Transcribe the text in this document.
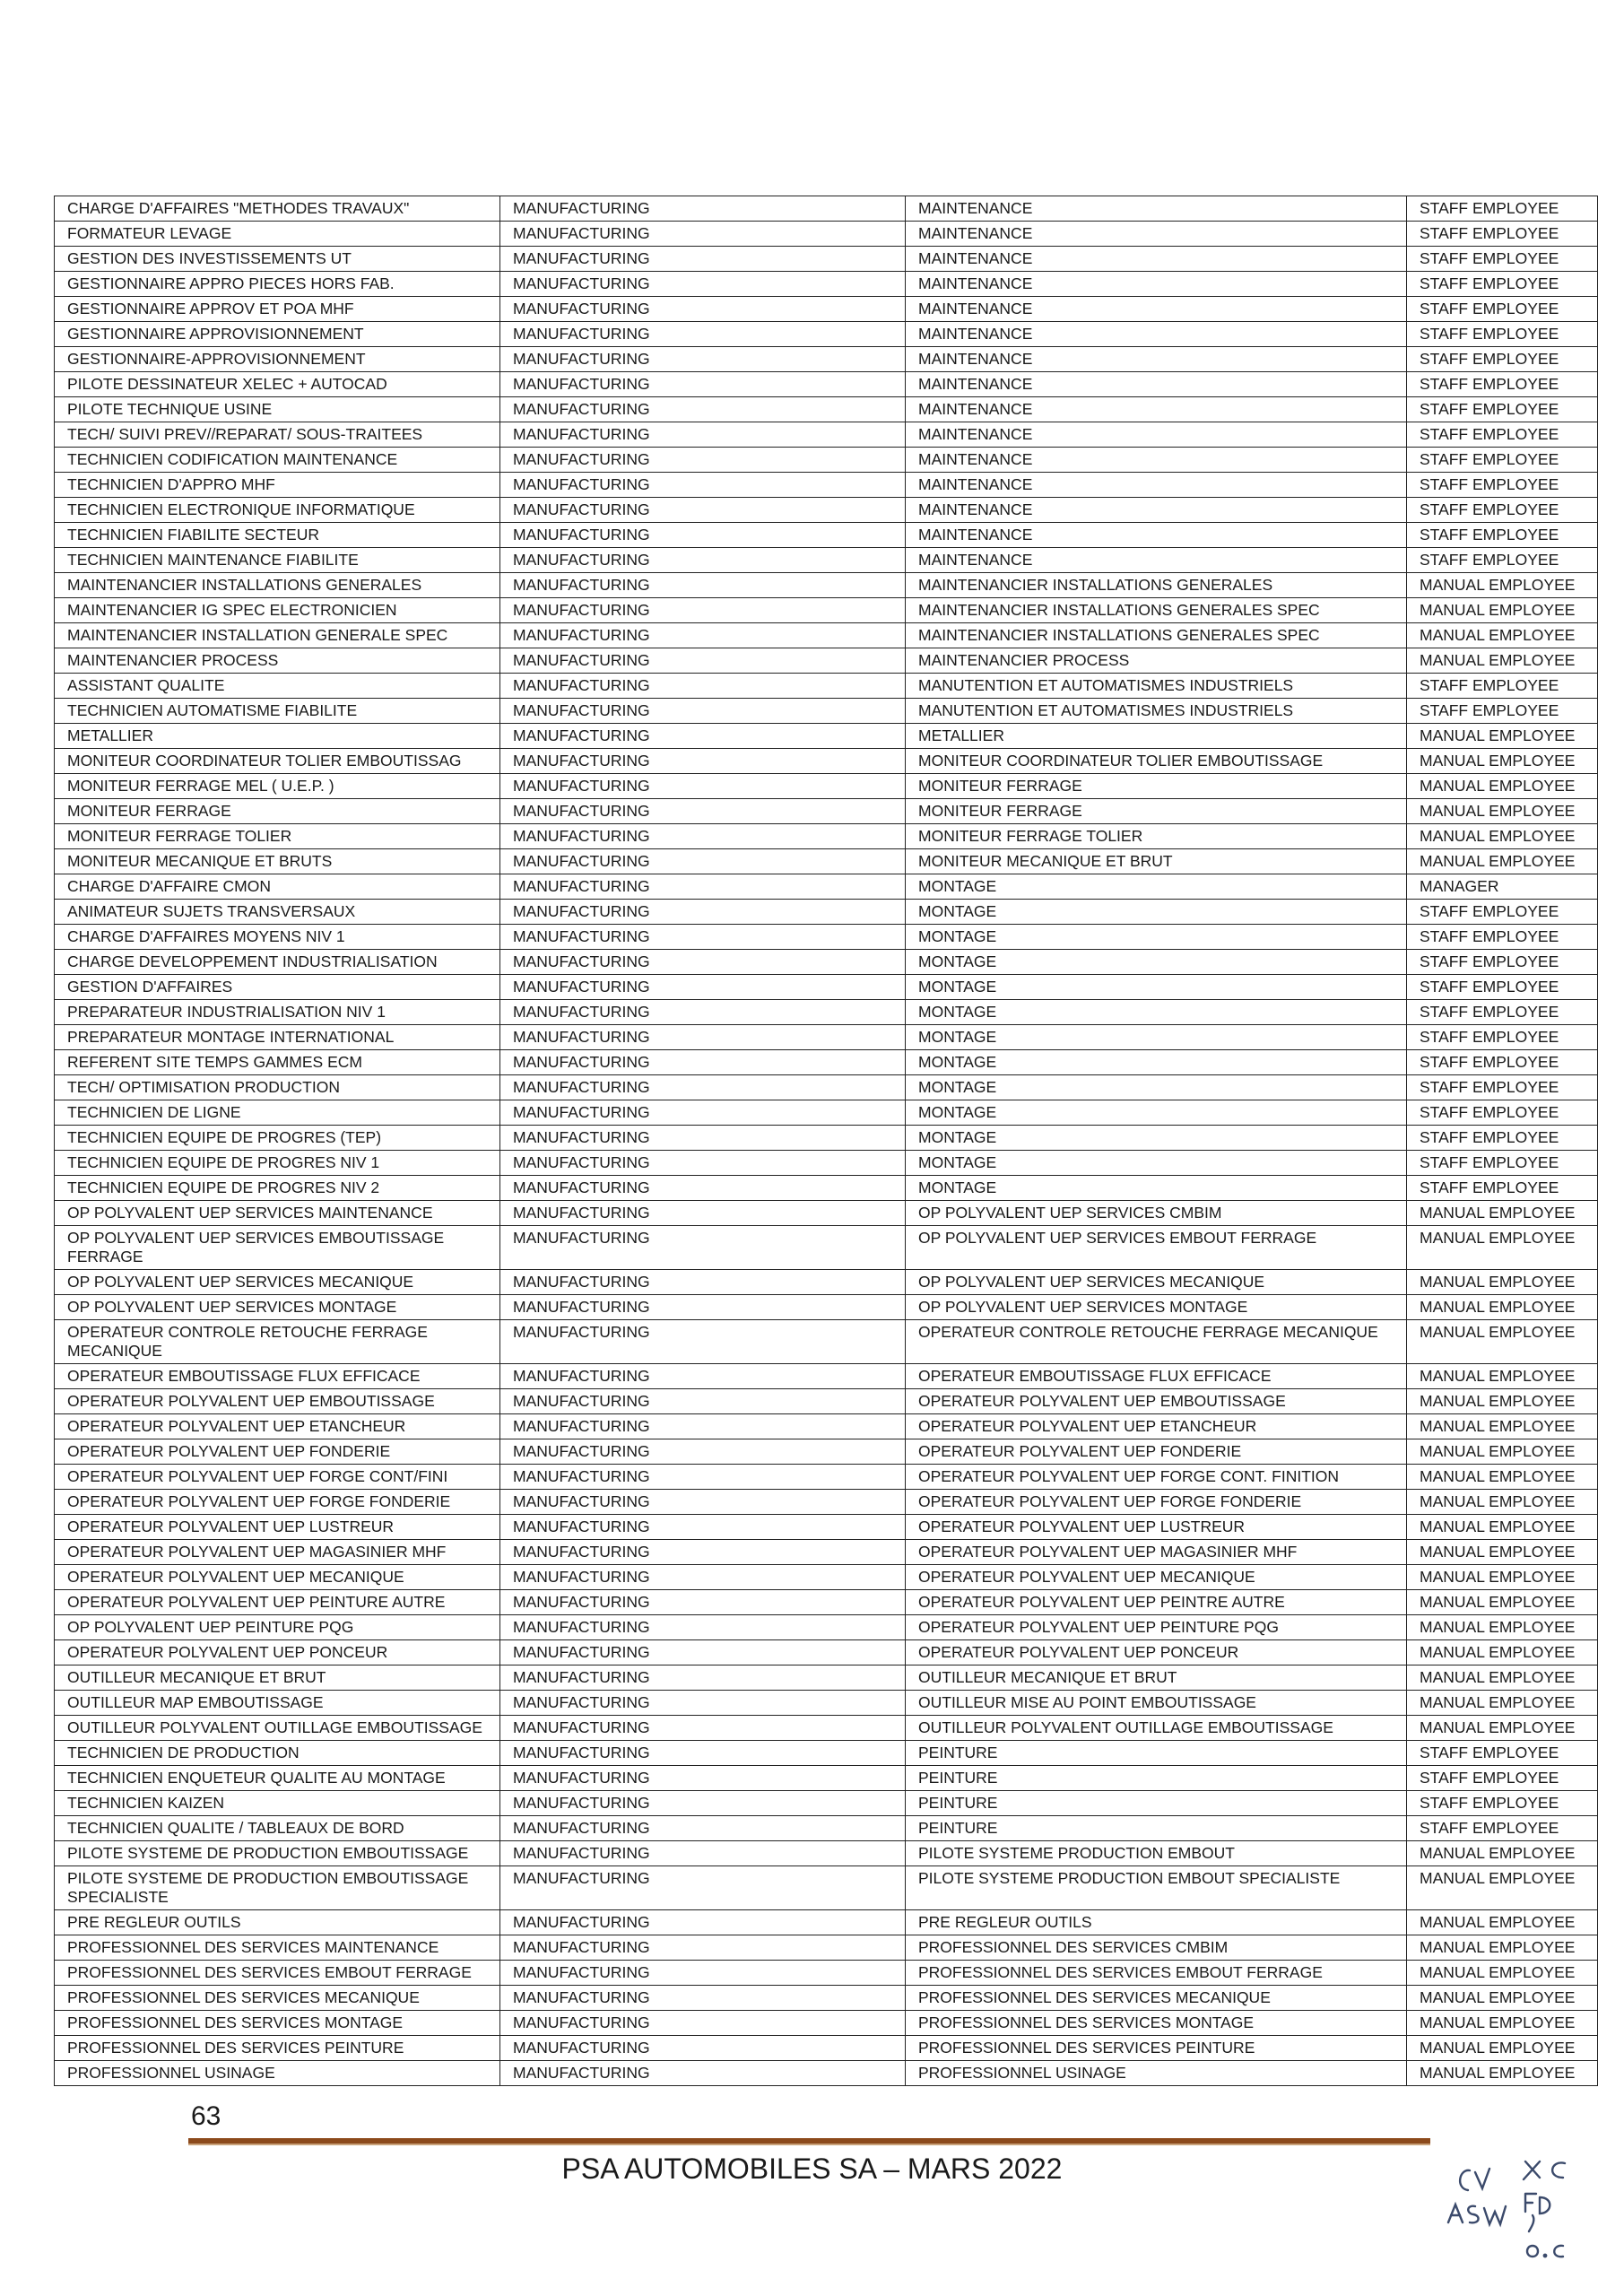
CHARGE D'AFFAIRES "METHODES TRAVAUX"	MANUFACTURING	MAINTENANCE	STAFF EMPLOYEE
FORMATEUR LEVAGE	MANUFACTURING	MAINTENANCE	STAFF EMPLOYEE
GESTION DES INVESTISSEMENTS UT	MANUFACTURING	MAINTENANCE	STAFF EMPLOYEE
GESTIONNAIRE APPRO PIECES HORS FAB.	MANUFACTURING	MAINTENANCE	STAFF EMPLOYEE
GESTIONNAIRE APPROV ET POA MHF	MANUFACTURING	MAINTENANCE	STAFF EMPLOYEE
GESTIONNAIRE APPROVISIONNEMENT	MANUFACTURING	MAINTENANCE	STAFF EMPLOYEE
GESTIONNAIRE-APPROVISIONNEMENT	MANUFACTURING	MAINTENANCE	STAFF EMPLOYEE
PILOTE DESSINATEUR XELEC + AUTOCAD	MANUFACTURING	MAINTENANCE	STAFF EMPLOYEE
PILOTE TECHNIQUE USINE	MANUFACTURING	MAINTENANCE	STAFF EMPLOYEE
TECH/ SUIVI PREV//REPARAT/ SOUS-TRAITEES	MANUFACTURING	MAINTENANCE	STAFF EMPLOYEE
TECHNICIEN CODIFICATION MAINTENANCE	MANUFACTURING	MAINTENANCE	STAFF EMPLOYEE
TECHNICIEN D'APPRO MHF	MANUFACTURING	MAINTENANCE	STAFF EMPLOYEE
TECHNICIEN ELECTRONIQUE INFORMATIQUE	MANUFACTURING	MAINTENANCE	STAFF EMPLOYEE
TECHNICIEN FIABILITE SECTEUR	MANUFACTURING	MAINTENANCE	STAFF EMPLOYEE
TECHNICIEN MAINTENANCE FIABILITE	MANUFACTURING	MAINTENANCE	STAFF EMPLOYEE
MAINTENANCIER INSTALLATIONS GENERALES	MANUFACTURING	MAINTENANCIER INSTALLATIONS GENERALES	MANUAL EMPLOYEE
MAINTENANCIER IG SPEC ELECTRONICIEN	MANUFACTURING	MAINTENANCIER INSTALLATIONS GENERALES SPEC	MANUAL EMPLOYEE
MAINTENANCIER INSTALLATION GENERALE SPEC	MANUFACTURING	MAINTENANCIER INSTALLATIONS GENERALES SPEC	MANUAL EMPLOYEE
MAINTENANCIER PROCESS	MANUFACTURING	MAINTENANCIER PROCESS	MANUAL EMPLOYEE
ASSISTANT QUALITE	MANUFACTURING	MANUTENTION ET AUTOMATISMES INDUSTRIELS	STAFF EMPLOYEE
TECHNICIEN AUTOMATISME FIABILITE	MANUFACTURING	MANUTENTION ET AUTOMATISMES INDUSTRIELS	STAFF EMPLOYEE
METALLIER	MANUFACTURING	METALLIER	MANUAL EMPLOYEE
MONITEUR COORDINATEUR TOLIER EMBOUTISSAG	MANUFACTURING	MONITEUR COORDINATEUR TOLIER EMBOUTISSAGE	MANUAL EMPLOYEE
MONITEUR FERRAGE MEL ( U.E.P. )	MANUFACTURING	MONITEUR FERRAGE	MANUAL EMPLOYEE
MONITEUR FERRAGE	MANUFACTURING	MONITEUR FERRAGE	MANUAL EMPLOYEE
MONITEUR FERRAGE TOLIER	MANUFACTURING	MONITEUR FERRAGE TOLIER	MANUAL EMPLOYEE
MONITEUR MECANIQUE ET BRUTS	MANUFACTURING	MONITEUR MECANIQUE ET BRUT	MANUAL EMPLOYEE
CHARGE D'AFFAIRE CMON	MANUFACTURING	MONTAGE	MANAGER
ANIMATEUR SUJETS TRANSVERSAUX	MANUFACTURING	MONTAGE	STAFF EMPLOYEE
CHARGE D'AFFAIRES MOYENS NIV 1	MANUFACTURING	MONTAGE	STAFF EMPLOYEE
CHARGE DEVELOPPEMENT INDUSTRIALISATION	MANUFACTURING	MONTAGE	STAFF EMPLOYEE
GESTION D'AFFAIRES	MANUFACTURING	MONTAGE	STAFF EMPLOYEE
PREPARATEUR INDUSTRIALISATION NIV 1	MANUFACTURING	MONTAGE	STAFF EMPLOYEE
PREPARATEUR MONTAGE INTERNATIONAL	MANUFACTURING	MONTAGE	STAFF EMPLOYEE
REFERENT SITE TEMPS GAMMES ECM	MANUFACTURING	MONTAGE	STAFF EMPLOYEE
TECH/ OPTIMISATION PRODUCTION	MANUFACTURING	MONTAGE	STAFF EMPLOYEE
TECHNICIEN DE LIGNE	MANUFACTURING	MONTAGE	STAFF EMPLOYEE
TECHNICIEN EQUIPE DE PROGRES (TEP)	MANUFACTURING	MONTAGE	STAFF EMPLOYEE
TECHNICIEN EQUIPE DE PROGRES NIV 1	MANUFACTURING	MONTAGE	STAFF EMPLOYEE
TECHNICIEN EQUIPE DE PROGRES NIV 2	MANUFACTURING	MONTAGE	STAFF EMPLOYEE
OP POLYVALENT UEP SERVICES MAINTENANCE	MANUFACTURING	OP POLYVALENT UEP SERVICES CMBIM	MANUAL EMPLOYEE
OP POLYVALENT UEP SERVICES EMBOUTISSAGE FERRAGE	MANUFACTURING	OP POLYVALENT UEP SERVICES EMBOUT FERRAGE	MANUAL EMPLOYEE
OP POLYVALENT UEP SERVICES MECANIQUE	MANUFACTURING	OP POLYVALENT UEP SERVICES MECANIQUE	MANUAL EMPLOYEE
OP POLYVALENT UEP SERVICES MONTAGE	MANUFACTURING	OP POLYVALENT UEP SERVICES MONTAGE	MANUAL EMPLOYEE
OPERATEUR CONTROLE RETOUCHE FERRAGE MECANIQUE	MANUFACTURING	OPERATEUR CONTROLE RETOUCHE FERRAGE MECANIQUE	MANUAL EMPLOYEE
OPERATEUR EMBOUTISSAGE FLUX EFFICACE	MANUFACTURING	OPERATEUR EMBOUTISSAGE FLUX EFFICACE	MANUAL EMPLOYEE
OPERATEUR POLYVALENT UEP EMBOUTISSAGE	MANUFACTURING	OPERATEUR POLYVALENT UEP EMBOUTISSAGE	MANUAL EMPLOYEE
OPERATEUR POLYVALENT UEP ETANCHEUR	MANUFACTURING	OPERATEUR POLYVALENT UEP ETANCHEUR	MANUAL EMPLOYEE
OPERATEUR POLYVALENT UEP FONDERIE	MANUFACTURING	OPERATEUR POLYVALENT UEP FONDERIE	MANUAL EMPLOYEE
OPERATEUR POLYVALENT UEP FORGE CONT/FINI	MANUFACTURING	OPERATEUR POLYVALENT UEP FORGE CONT. FINITION	MANUAL EMPLOYEE
OPERATEUR POLYVALENT UEP FORGE FONDERIE	MANUFACTURING	OPERATEUR POLYVALENT UEP FORGE FONDERIE	MANUAL EMPLOYEE
OPERATEUR POLYVALENT UEP LUSTREUR	MANUFACTURING	OPERATEUR POLYVALENT UEP LUSTREUR	MANUAL EMPLOYEE
OPERATEUR POLYVALENT UEP MAGASINIER MHF	MANUFACTURING	OPERATEUR POLYVALENT UEP MAGASINIER MHF	MANUAL EMPLOYEE
OPERATEUR POLYVALENT UEP MECANIQUE	MANUFACTURING	OPERATEUR POLYVALENT UEP MECANIQUE	MANUAL EMPLOYEE
OPERATEUR POLYVALENT UEP PEINTURE AUTRE	MANUFACTURING	OPERATEUR POLYVALENT UEP PEINTRE AUTRE	MANUAL EMPLOYEE
OP POLYVALENT UEP PEINTURE PQG	MANUFACTURING	OPERATEUR POLYVALENT UEP PEINTURE PQG	MANUAL EMPLOYEE
OPERATEUR POLYVALENT UEP PONCEUR	MANUFACTURING	OPERATEUR POLYVALENT UEP PONCEUR	MANUAL EMPLOYEE
OUTILLEUR MECANIQUE ET BRUT	MANUFACTURING	OUTILLEUR MECANIQUE ET BRUT	MANUAL EMPLOYEE
OUTILLEUR MAP EMBOUTISSAGE	MANUFACTURING	OUTILLEUR MISE AU POINT EMBOUTISSAGE	MANUAL EMPLOYEE
OUTILLEUR POLYVALENT OUTILLAGE EMBOUTISSAGE	MANUFACTURING	OUTILLEUR POLYVALENT OUTILLAGE EMBOUTISSAGE	MANUAL EMPLOYEE
TECHNICIEN DE PRODUCTION	MANUFACTURING	PEINTURE	STAFF EMPLOYEE
TECHNICIEN ENQUETEUR QUALITE AU MONTAGE	MANUFACTURING	PEINTURE	STAFF EMPLOYEE
TECHNICIEN KAIZEN	MANUFACTURING	PEINTURE	STAFF EMPLOYEE
TECHNICIEN QUALITE / TABLEAUX DE BORD	MANUFACTURING	PEINTURE	STAFF EMPLOYEE
PILOTE SYSTEME DE PRODUCTION EMBOUTISSAGE	MANUFACTURING	PILOTE SYSTEME PRODUCTION EMBOUT	MANUAL EMPLOYEE
PILOTE SYSTEME DE PRODUCTION EMBOUTISSAGE SPECIALISTE	MANUFACTURING	PILOTE SYSTEME PRODUCTION EMBOUT SPECIALISTE	MANUAL EMPLOYEE
PRE REGLEUR OUTILS	MANUFACTURING	PRE REGLEUR OUTILS	MANUAL EMPLOYEE
PROFESSIONNEL DES SERVICES MAINTENANCE	MANUFACTURING	PROFESSIONNEL DES SERVICES CMBIM	MANUAL EMPLOYEE
PROFESSIONNEL DES SERVICES EMBOUT FERRAGE	MANUFACTURING	PROFESSIONNEL DES SERVICES EMBOUT FERRAGE	MANUAL EMPLOYEE
PROFESSIONNEL DES SERVICES MECANIQUE	MANUFACTURING	PROFESSIONNEL DES SERVICES MECANIQUE	MANUAL EMPLOYEE
PROFESSIONNEL DES SERVICES MONTAGE	MANUFACTURING	PROFESSIONNEL DES SERVICES MONTAGE	MANUAL EMPLOYEE
PROFESSIONNEL DES SERVICES PEINTURE	MANUFACTURING	PROFESSIONNEL DES SERVICES PEINTURE	MANUAL EMPLOYEE
PROFESSIONNEL USINAGE	MANUFACTURING	PROFESSIONNEL USINAGE	MANUAL EMPLOYEE
63
PSA AUTOMOBILES SA – MARS 2022
